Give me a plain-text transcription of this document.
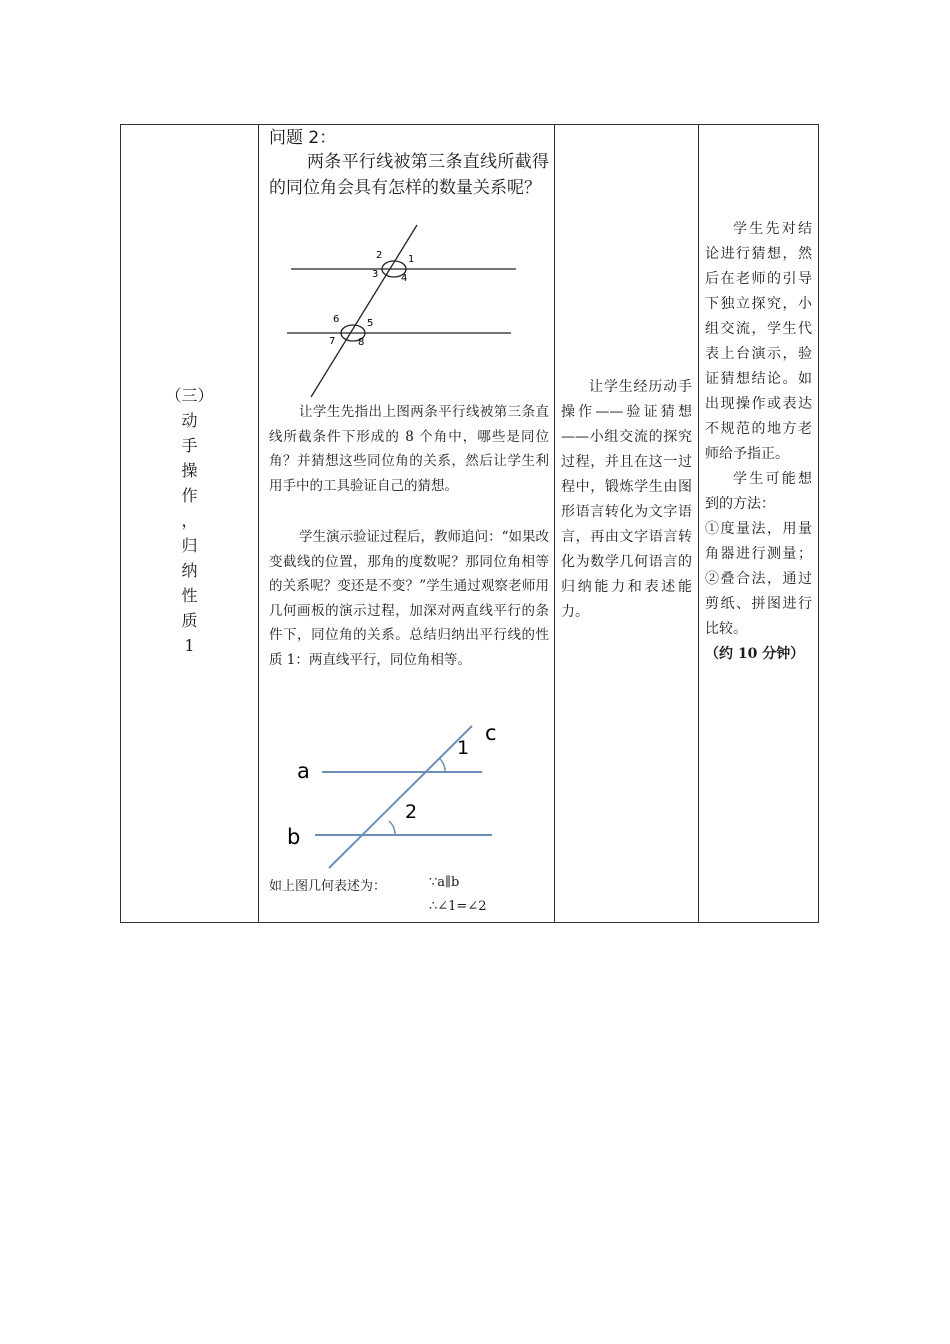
（三）
动
手
操
作
，
归
纳
性
质
1

问题 2：
两条平行线被第三条直线所截得的同位角会具有怎样的数量关系呢？
1
2
3 4
5
6
7 8
让学生先指出上图两条平行线被第三条直线所截条件下形成的 8 个角中，哪些是同位角？并猜想这些同位角的关系，然后让学生利用手中的工具验证自己的猜想。
学生演示验证过程后，教师追问：“如果改变截线的位置，那角的度数呢？那同位角相等的关系呢？变还是不变？”学生通过观察老师用几何画板的演示过程，加深对两直线平行的条件下，同位角的关系。总结归纳出平行线的性质 1：两直线平行，同位角相等。
a
b
c
1
2
如上图几何表述为：	∵a∥b
∴∠1=∠2

让学生经历动手操作——验证猜想——小组交流的探究过程，并且在这一过程中，锻炼学生由图形语言转化为文字语言，再由文字语言转化为数学几何语言的归纳能力和表述能力。

学生先对结论进行猜想，然后在老师的引导下独立探究，小组交流，学生代表上台演示，验证猜想结论。如出现操作或表达不规范的地方老师给予指正。
学生可能想到的方法：
①度量法，用量角器进行测量；②叠合法，通过剪纸、拼图进行比较。
（约 10 分钟）
